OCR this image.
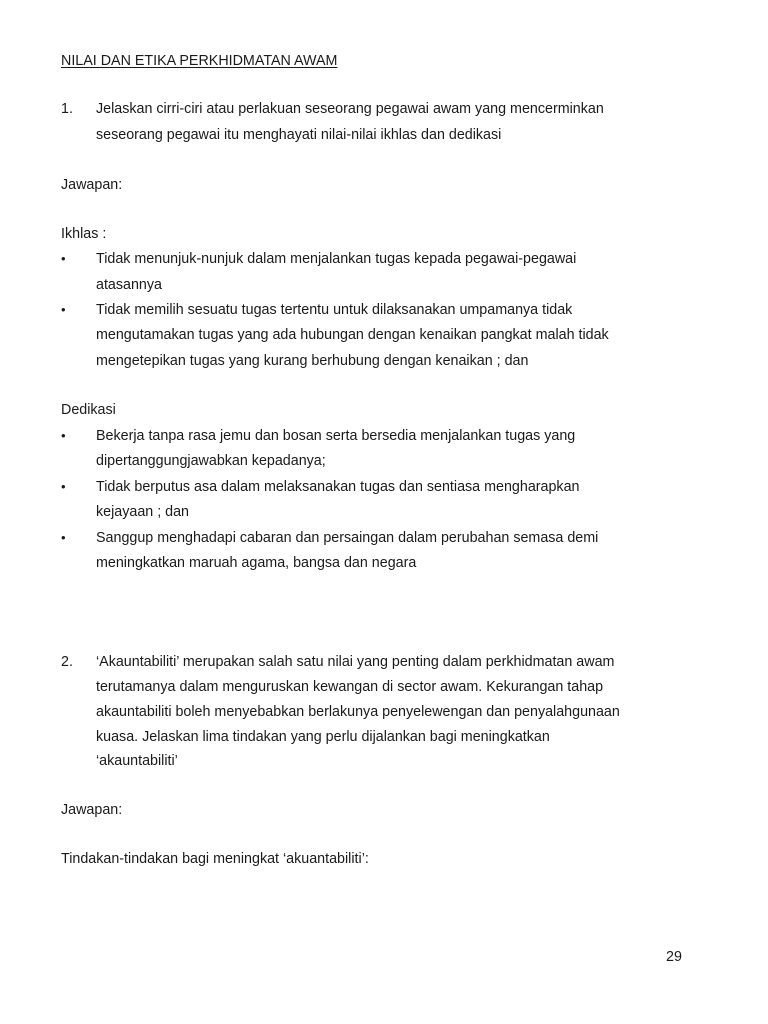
NILAI DAN ETIKA PERKHIDMATAN AWAM
1. Jelaskan cirri-ciri atau perlakuan seseorang pegawai awam yang mencerminkan
seseorang pegawai itu menghayati nilai-nilai ikhlas dan dedikasi
Jawapan:
Ikhlas :
• Tidak menunjuk-nunjuk dalam menjalankan tugas kepada pegawai-pegawai
atasannya
• Tidak memilih sesuatu tugas tertentu untuk dilaksanakan umpamanya tidak
mengutamakan tugas yang ada hubungan dengan kenaikan pangkat malah tidak
mengetepikan tugas yang kurang berhubung dengan kenaikan ; dan
Dedikasi
• Bekerja tanpa rasa jemu dan bosan serta bersedia menjalankan tugas yang
dipertanggungjawabkan kepadanya;
• Tidak berputus asa dalam melaksanakan tugas dan sentiasa mengharapkan
kejayaan ; dan
• Sanggup menghadapi cabaran dan persaingan dalam perubahan semasa demi
meningkatkan maruah agama, bangsa dan negara
2. ‘Akauntabiliti’ merupakan salah satu nilai yang penting dalam perkhidmatan awam
terutamanya dalam menguruskan kewangan di sector awam. Kekurangan tahap
akauntabiliti boleh menyebabkan berlakunya penyelewengan dan penyalahgunaan
kuasa. Jelaskan lima tindakan yang perlu dijalankan bagi meningkatkan
‘akauntabiliti’
Jawapan:
Tindakan-tindakan bagi meningkat ‘akuantabiliti’:
29
